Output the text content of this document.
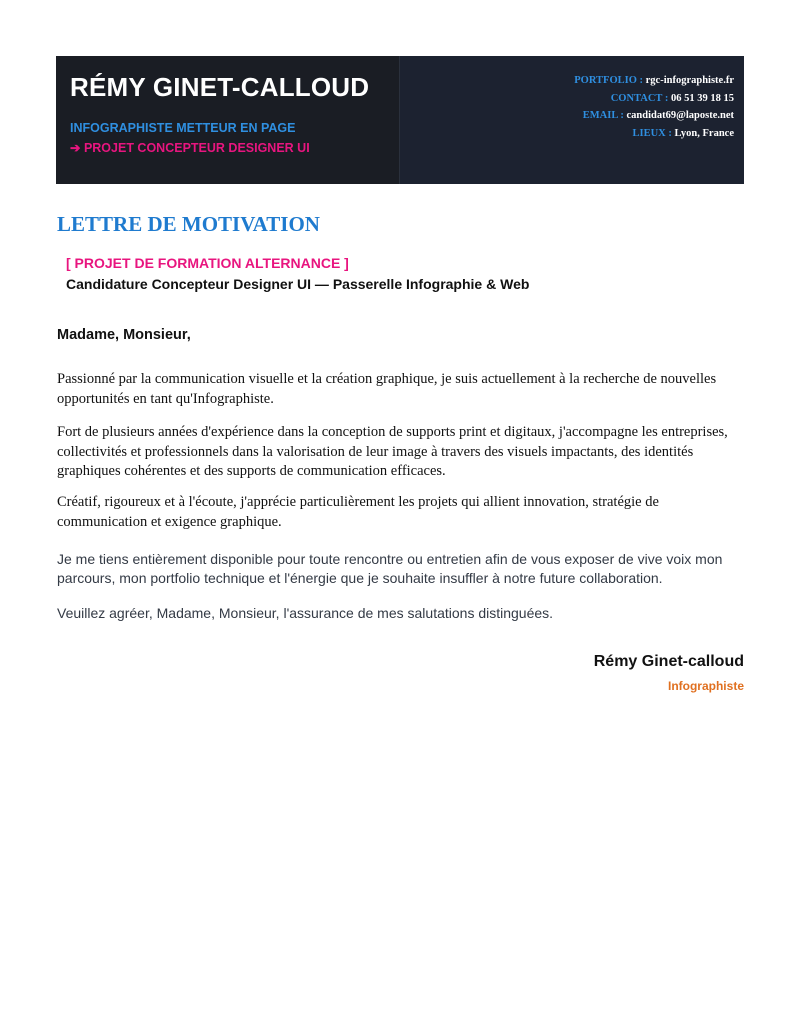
RÉMY GINET-CALLOUD
INFOGRAPHISTE METTEUR EN PAGE
➔ PROJET CONCEPTEUR DESIGNER UI
PORTFOLIO : rgc-infographiste.fr
CONTACT : 06 51 39 18 15
EMAIL : candidat69@laposte.net
LIEUX : Lyon, France
LETTRE DE MOTIVATION
[ PROJET DE FORMATION ALTERNANCE ]
Candidature Concepteur Designer UI — Passerelle Infographie & Web
Madame, Monsieur,

Passionné par la communication visuelle et la création graphique, je suis actuellement à la recherche de nouvelles opportunités en tant qu'Infographiste.

Fort de plusieurs années d'expérience dans la conception de supports print et digitaux, j'accompagne les entreprises, collectivités et professionnels dans la valorisation de leur image à travers des visuels impactants, des identités graphiques cohérentes et des supports de communication efficaces.

Créatif, rigoureux et à l'écoute, j'apprécie particulièrement les projets qui allient innovation, stratégie de communication et exigence graphique.

Je me tiens entièrement disponible pour toute rencontre ou entretien afin de vous exposer de vive voix mon parcours, mon portfolio technique et l'énergie que je souhaite insuffler à notre future collaboration.

Veuillez agréer, Madame, Monsieur, l'assurance de mes salutations distinguées.

Rémy Ginet-calloud
Infographiste
